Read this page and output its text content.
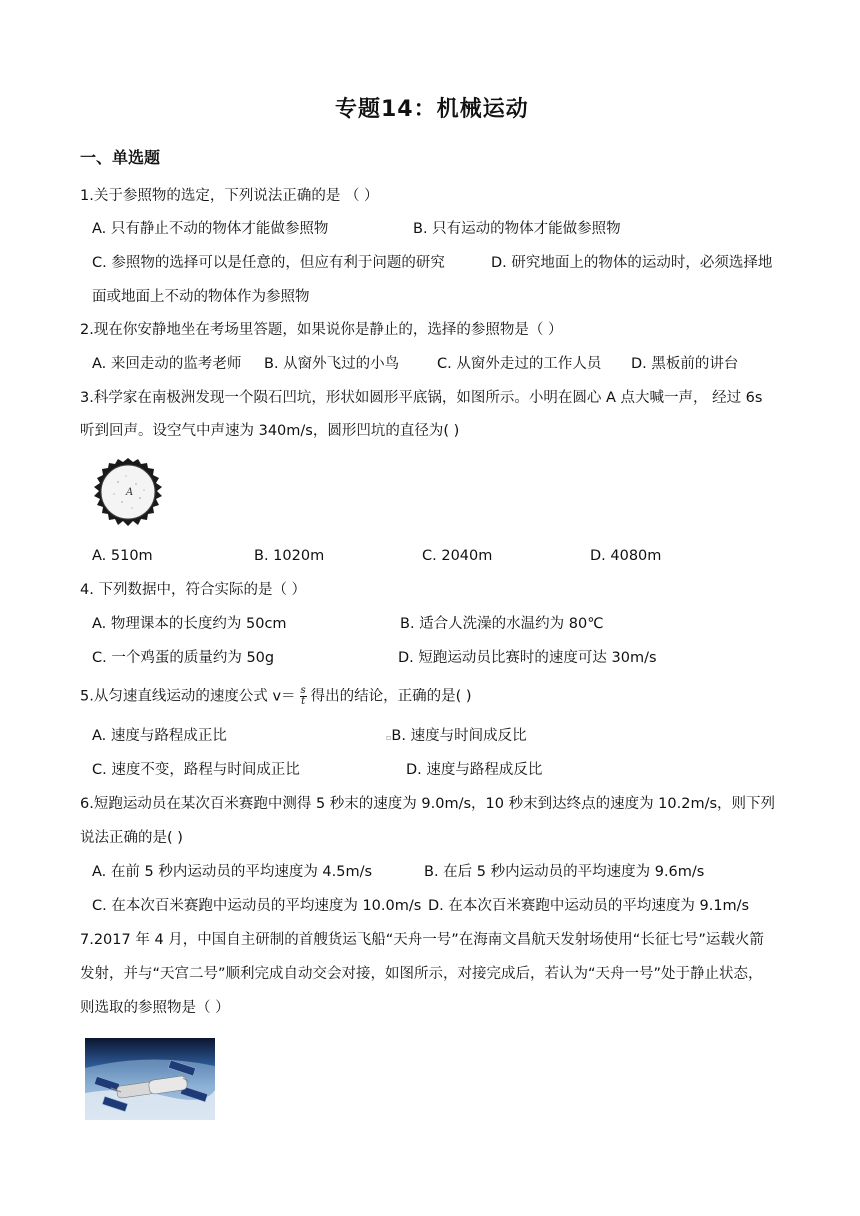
专题14：机械运动
一、单选题
1.关于参照物的选定，下列说法正确的是 （ ）
A. 只有静止不动的物体才能做参照物	B. 只有运动的物体才能做参照物
C. 参照物的选择可以是任意的，但应有利于问题的研究	D. 研究地面上的物体的运动时，必须选择地
面或地面上不动的物体作为参照物
2.现在你安静地坐在考场里答题，如果说你是静止的，选择的参照物是（ ）
A. 来回走动的监考老师 B. 从窗外飞过的小鸟	C. 从窗外走过的工作人员 D. 黑板前的讲台
3.科学家在南极洲发现一个陨石凹坑，形状如圆形平底锅，如图所示。小明在圆心 A 点大喊一声， 经过 6s
听到回声。设空气中声速为 340m/s，圆形凹坑的直径为( )
A
A. 510m	B. 1020m	C. 2040m	D. 4080m
4. 下列数据中，符合实际的是（ ）
A. 物理课本的长度约为 50cm	B. 适合人洗澡的水温约为 80℃
C. 一个鸡蛋的质量约为 50g	D. 短跑运动员比赛时的速度可达 30m/s
5.从匀速直线运动的速度公式 $v= \frac{s}{t}$ 得出的结论，正确的是( )
A. 速度与路程成正比	▫B. 速度与时间成反比
C. 速度不变，路程与时间成正比	D. 速度与路程成反比
6.短跑运动员在某次百米赛跑中测得 5 秒末的速度为 9.0m/s，10 秒末到达终点的速度为 10.2m/s，则下列
说法正确的是( )
A. 在前 5 秒内运动员的平均速度为 4.5m/s	B. 在后 5 秒内运动员的平均速度为 9.6m/s
C. 在本次百米赛跑中运动员的平均速度为 10.0m/s D. 在本次百米赛跑中运动员的平均速度为 9.1m/s
7.2017 年 4 月，中国自主研制的首艘货运飞船“天舟一号”在海南文昌航天发射场使用“长征七号”运载火箭
发射，并与“天宫二号”顺利完成自动交会对接，如图所示，对接完成后，若认为“天舟一号”处于静止状态，
则选取的参照物是（ ）
